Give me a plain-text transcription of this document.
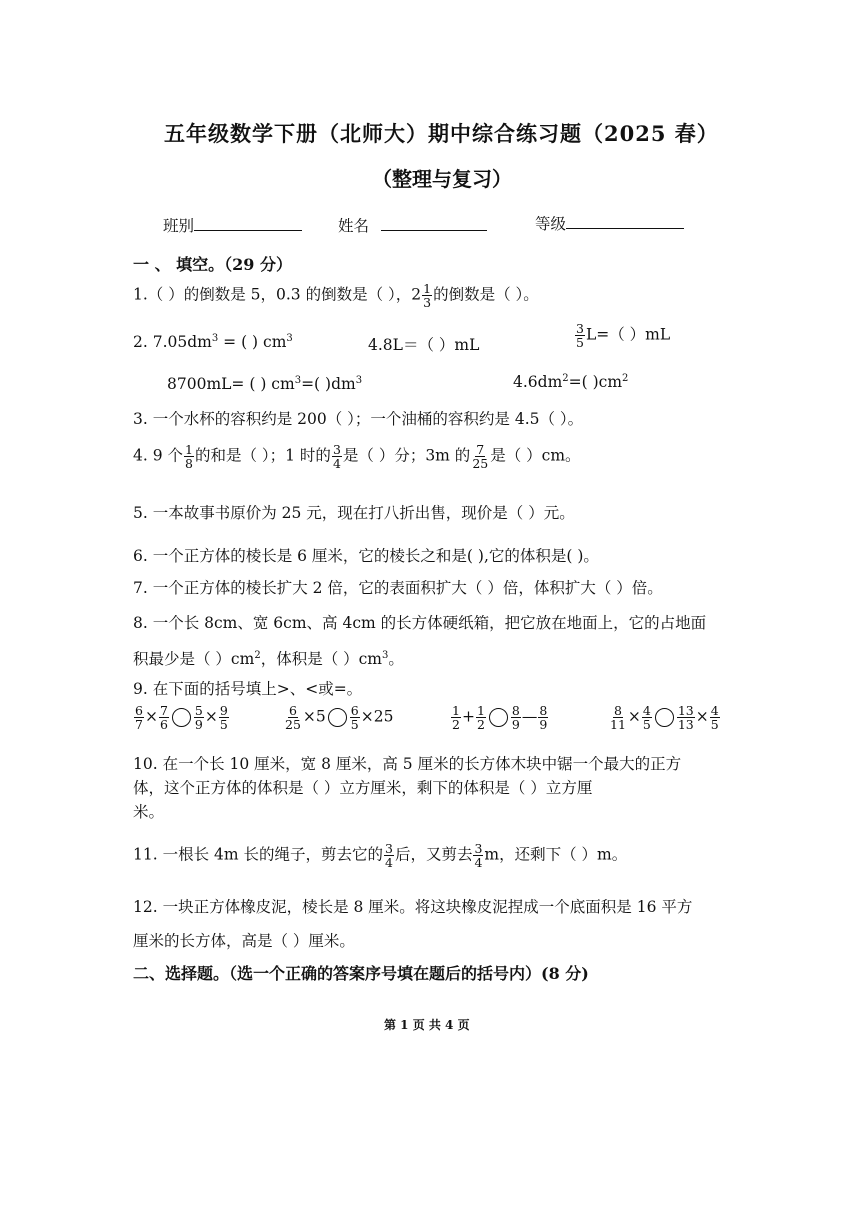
五年级数学下册（北师大）期中综合练习题（2025 春）
（整理与复习）
班别	姓名	等级
一 、 填空。（29 分）
1.（ ）的倒数是 5，0.3 的倒数是（ ），$2 \frac{1}{3}$ 的倒数是（ ）。
2. $7.05dm^3$ = ( ) $cm^3$	4.8L＝（ ）mL	$\frac{3}{5} L=$（ ）mL
8700mL= ( ) $cm^3=$( )$dm^3$	$4.6dm^2=$( )$cm^2$
3. 一个水杯的容积约是 200（ ）；一个油桶的容积约是 4.5（ ）。
4. 9 个 $\frac{1}{8}$ 的和是（ ）；1 时的 $\frac{3}{4}$ 是（ ）分；3m 的 $\frac{7}{25}$ 是（ ）cm。
5. 一本故事书原价为 25 元，现在打八折出售，现价是（ ）元。
6. 一个正方体的棱长是 6 厘米，它的棱长之和是( ),它的体积是( )。
7. 一个正方体的棱长扩大 2 倍，它的表面积扩大（ ）倍，体积扩大（ ）倍。
8. 一个长 8cm、宽 6cm、高 4cm 的长方体硬纸箱，把它放在地面上，它的占地面
积最少是（ ）$cm^2$，体积是（ ）$cm^3$。
9. 在下面的括号填上>、<或=。
$\frac{6}{7} \times \frac{7}{6} \frac{5}{9} \times \frac{9}{5}$	$\frac{6}{25} \times 5 \frac{6}{5} \times 25$	$\frac{1}{2} + \frac{1}{2} \frac{8}{9}$ — $\frac{8}{9}$	$\frac{8}{11} \times \frac{4}{5} \frac{13}{13} \times \frac{4}{5}$
10. 在一个长 10 厘米，宽 8 厘米，高 5 厘米的长方体木块中锯一个最大的正方
体，这个正方体的体积是（ ）立方厘米，剩下的体积是（ ）立方厘
米。
11. 一根长 4m 长的绳子，剪去它的 $\frac{3}{4}$ 后，又剪去 $\frac{3}{4}$ m，还剩下（ ）m。
12. 一块正方体橡皮泥，棱长是 8 厘米。将这块橡皮泥捏成一个底面积是 16 平方
厘米的长方体，高是（ ）厘米。
二、选择题。（选一个正确的答案序号填在题后的括号内）(8 分)
第 1 页 共 4 页
